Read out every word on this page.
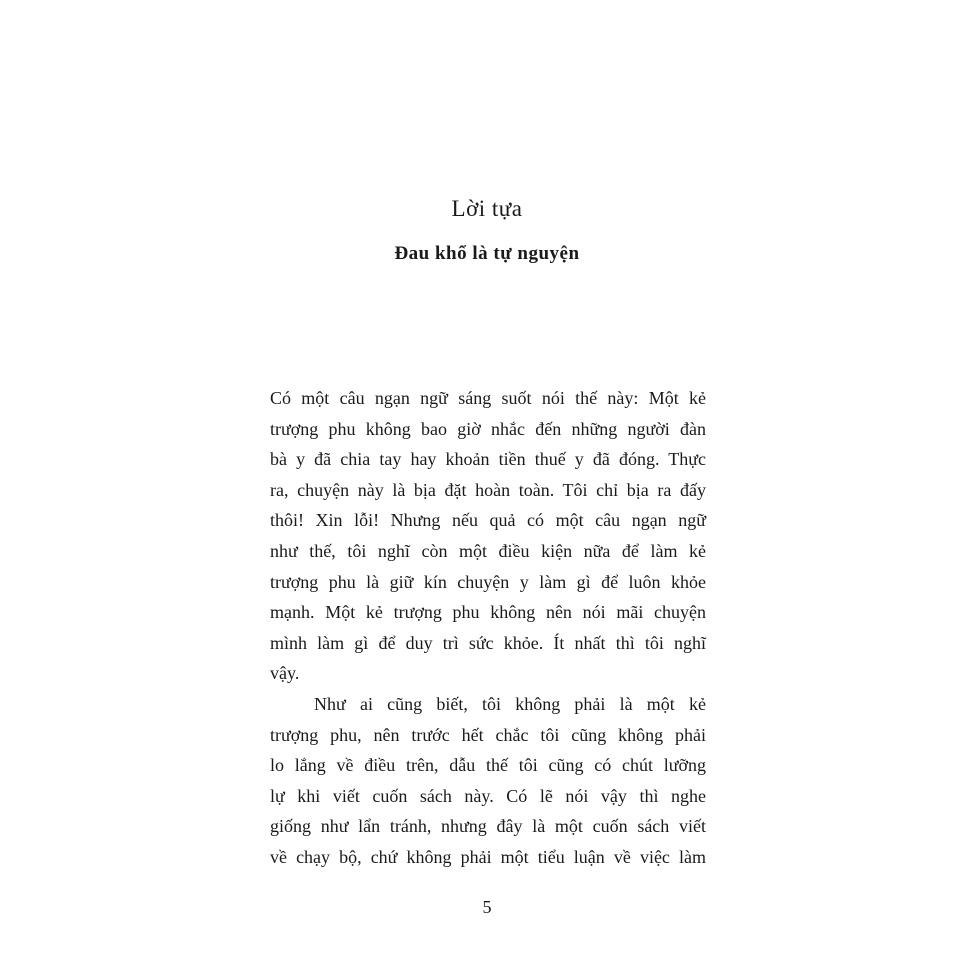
Lời tựa
Đau khổ là tự nguyện
Có một câu ngạn ngữ sáng suốt nói thế này: Một kẻ
trượng phu không bao giờ nhắc đến những người đàn
bà y đã chia tay hay khoản tiền thuế y đã đóng. Thực
ra, chuyện này là bịa đặt hoàn toàn. Tôi chỉ bịa ra đấy
thôi! Xin lỗi! Nhưng nếu quả có một câu ngạn ngữ
như thế, tôi nghĩ còn một điều kiện nữa để làm kẻ
trượng phu là giữ kín chuyện y làm gì để luôn khỏe
mạnh. Một kẻ trượng phu không nên nói mãi chuyện
mình làm gì để duy trì sức khỏe. Ít nhất thì tôi nghĩ
vậy.
Như ai cũng biết, tôi không phải là một kẻ
trượng phu, nên trước hết chắc tôi cũng không phải
lo lắng về điều trên, dẫu thế tôi cũng có chút lưỡng
lự khi viết cuốn sách này. Có lẽ nói vậy thì nghe
giống như lẩn tránh, nhưng đây là một cuốn sách viết
về chạy bộ, chứ không phải một tiểu luận về việc làm

5
